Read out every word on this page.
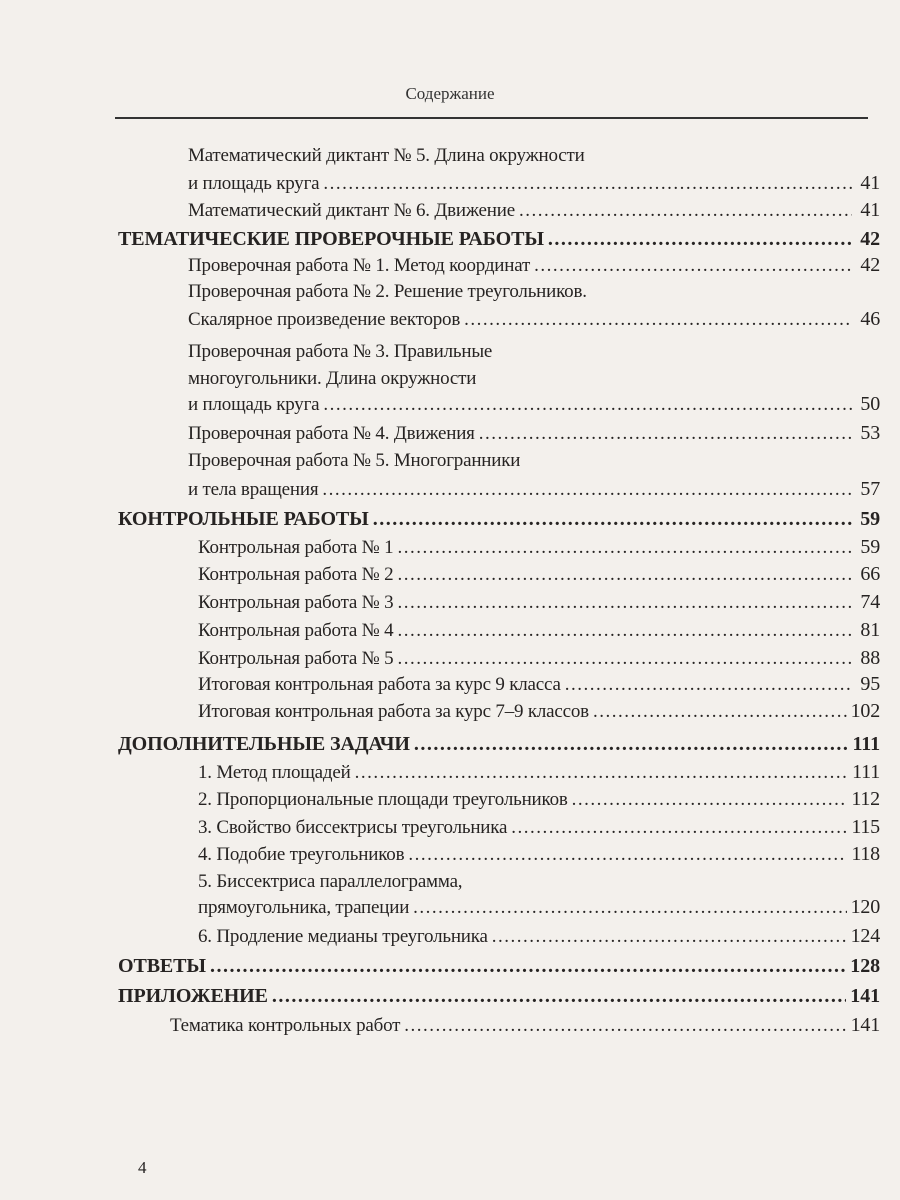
Содержание
Математический диктант № 5. Длина окружности
и площадь круга .....	41
Математический диктант № 6. Движение .....	41
ТЕМАТИЧЕСКИЕ ПРОВЕРОЧНЫЕ РАБОТЫ .....	42
Проверочная работа № 1. Метод координат .....	42
Проверочная работа № 2. Решение треугольников.
Скалярное произведение векторов .....	46
Проверочная работа № 3. Правильные
многоугольники. Длина окружности
и площадь круга .....	50
Проверочная работа № 4. Движения .....	53
Проверочная работа № 5. Многогранники
и тела вращения .....	57
КОНТРОЛЬНЫЕ РАБОТЫ .....	59
Контрольная работа № 1 .....	59
Контрольная работа № 2 .....	66
Контрольная работа № 3 .....	74
Контрольная работа № 4 .....	81
Контрольная работа № 5 .....	88
Итоговая контрольная работа за курс 9 класса .....	95
Итоговая контрольная работа за курс 7–9 классов .....	102
ДОПОЛНИТЕЛЬНЫЕ ЗАДАЧИ .....	111
1. Метод площадей .....	111
2. Пропорциональные площади треугольников .....	112
3. Свойство биссектрисы треугольника .....	115
4. Подобие треугольников .....	118
5. Биссектриса параллелограмма,
прямоугольника, трапеции .....	120
6. Продление медианы треугольника .....	124
ОТВЕТЫ .....	128
ПРИЛОЖЕНИЕ .....	141
Тематика контрольных работ .....	141
4
